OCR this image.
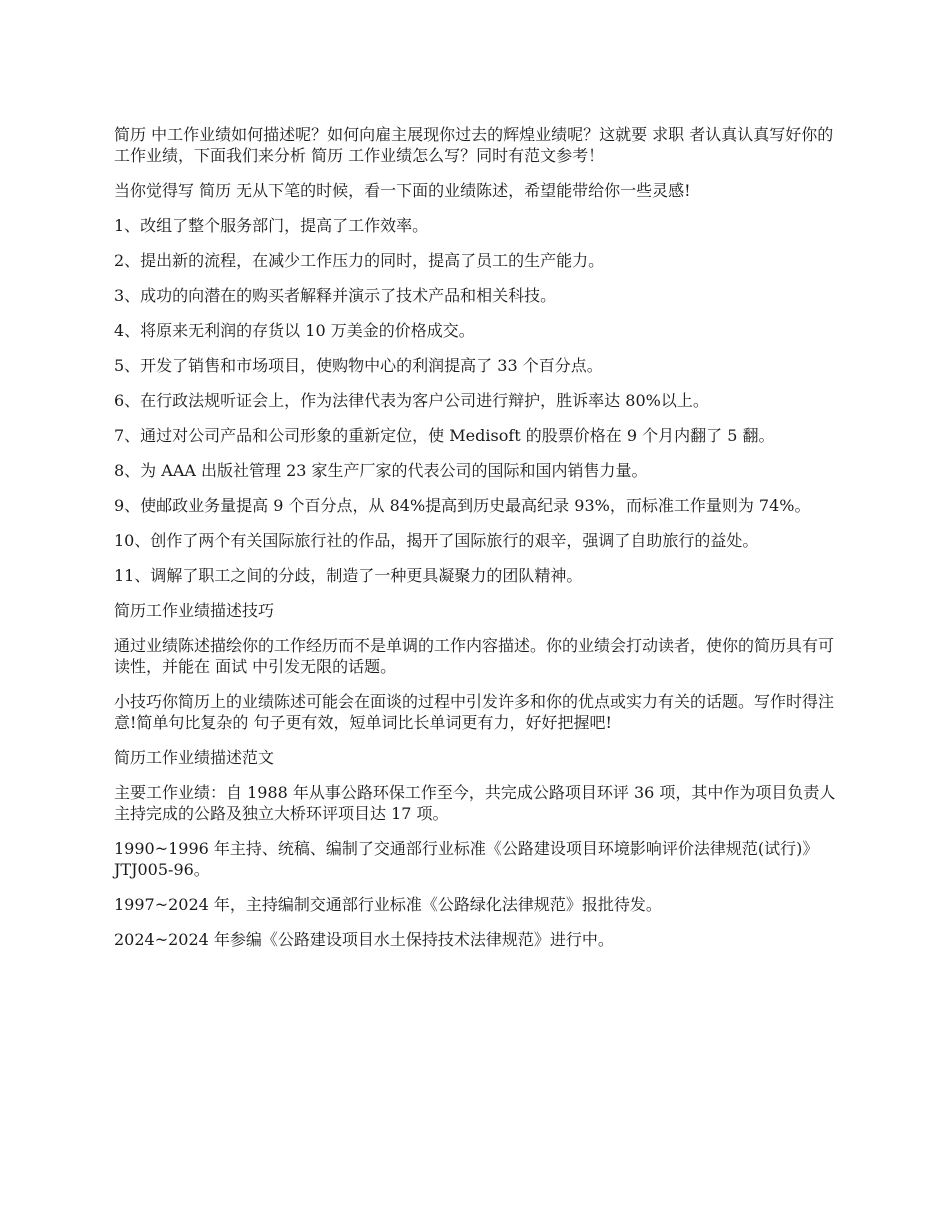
简历 中工作业绩如何描述呢？如何向雇主展现你过去的辉煌业绩呢？这就要 求职 者认真认真写好你的工作业绩，下面我们来分析 简历 工作业绩怎么写？同时有范文参考！

当你觉得写 简历 无从下笔的时候，看一下面的业绩陈述，希望能带给你一些灵感!

1、改组了整个服务部门，提高了工作效率。

2、提出新的流程，在减少工作压力的同时，提高了员工的生产能力。

3、成功的向潜在的购买者解释并演示了技术产品和相关科技。

4、将原来无利润的存货以 10 万美金的价格成交。

5、开发了销售和市场项目，使购物中心的利润提高了 33 个百分点。

6、在行政法规听证会上，作为法律代表为客户公司进行辩护，胜诉率达 80%以上。

7、通过对公司产品和公司形象的重新定位，使 Medisoft 的股票价格在 9 个月内翻了 5 翻。

8、为 AAA 出版社管理 23 家生产厂家的代表公司的国际和国内销售力量。

9、使邮政业务量提高 9 个百分点，从 84%提高到历史最高纪录 93%，而标准工作量则为 74%。

10、创作了两个有关国际旅行社的作品，揭开了国际旅行的艰辛，强调了自助旅行的益处。

11、调解了职工之间的分歧，制造了一种更具凝聚力的团队精神。

简历工作业绩描述技巧

通过业绩陈述描绘你的工作经历而不是单调的工作内容描述。你的业绩会打动读者，使你的简历具有可读性，并能在 面试 中引发无限的话题。

小技巧你简历上的业绩陈述可能会在面谈的过程中引发许多和你的优点或实力有关的话题。写作时得注意!简单句比复杂的 句子更有效，短单词比长单词更有力，好好把握吧!

简历工作业绩描述范文

主要工作业绩：自 1988 年从事公路环保工作至今，共完成公路项目环评 36 项，其中作为项目负责人主持完成的公路及独立大桥环评项目达 17 项。

1990~1996 年主持、统稿、编制了交通部行业标准《公路建设项目环境影响评价法律规范(试行)》JTJ005-96。

1997~2024 年，主持编制交通部行业标准《公路绿化法律规范》报批待发。

2024~2024 年参编《公路建设项目水土保持技术法律规范》进行中。
